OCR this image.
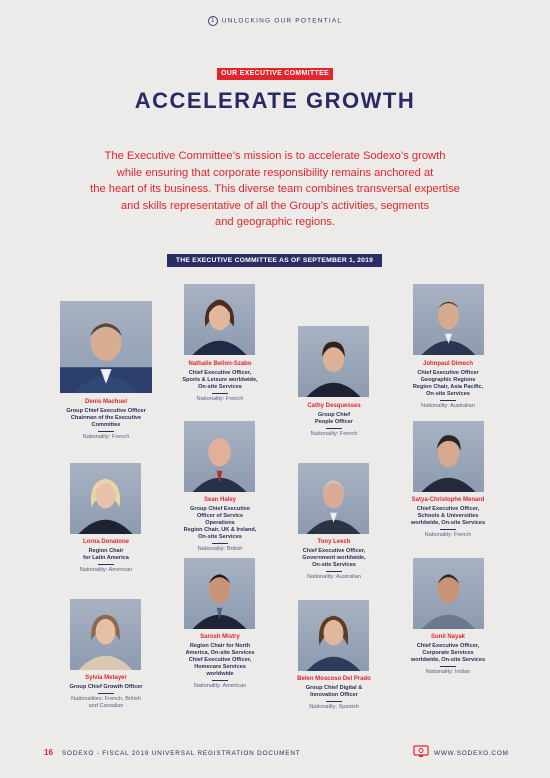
1 UNLOCKING OUR POTENTIAL
OUR EXECUTIVE COMMITTEE
ACCELERATE GROWTH
The Executive Committee’s mission is to accelerate Sodexo’s growth
while ensuring that corporate responsibility remains anchored at
the heart of its business. This diverse team combines transversal expertise
and skills representative of all the Group’s activities, segments
and geographic regions.
THE EXECUTIVE COMMITTEE AS OF SEPTEMBER 1, 2019
Denis Machuel
Group Chief Executive Officer
Chairman of the Executive
Committee
Nationality: French
Nathalie Bellon-Szabo
Chief Executive Officer,
Sports & Leisure worldwide,
On-site Services
Nationality: French
Cathy Desquesses
Group Chief
People Officer
Nationality: French
Johnpaul Dimech
Chief Executive Officer
Geographic Regions
Region Chair, Asia Pacific,
On-site Services
Nationality: Australian
Lorna Donatone
Region Chair
for Latin America
Nationality: American
Sean Haley
Group Chief Executive
Officer of Service
Operations
Region Chair, UK & Ireland,
On-site Services
Nationality: British
Tony Leech
Chief Executive Officer,
Government worldwide,
On-site Services
Nationality: Australian
Satya-Christophe Menard
Chief Executive Officer,
Schools & Universities
worldwide, On-site Services
Nationality: French
Sylvia Metayer
Group Chief Growth Officer
Nationalities: French, British
and Canadian
Sarosh Mistry
Region Chair for North
America, On-site Services
Chief Executive Officer,
Homecare Services
worldwide
Nationality: American
Belen Moscoso Del Prado
Group Chief Digital &
Innovation Officer
Nationality: Spanish
Sunil Nayak
Chief Executive Officer,
Corporate Services
worldwide, On-site Services
Nationality: Indian
16 SODEXO - FISCAL 2019 UNIVERSAL REGISTRATION DOCUMENT	WWW.SODEXO.COM
